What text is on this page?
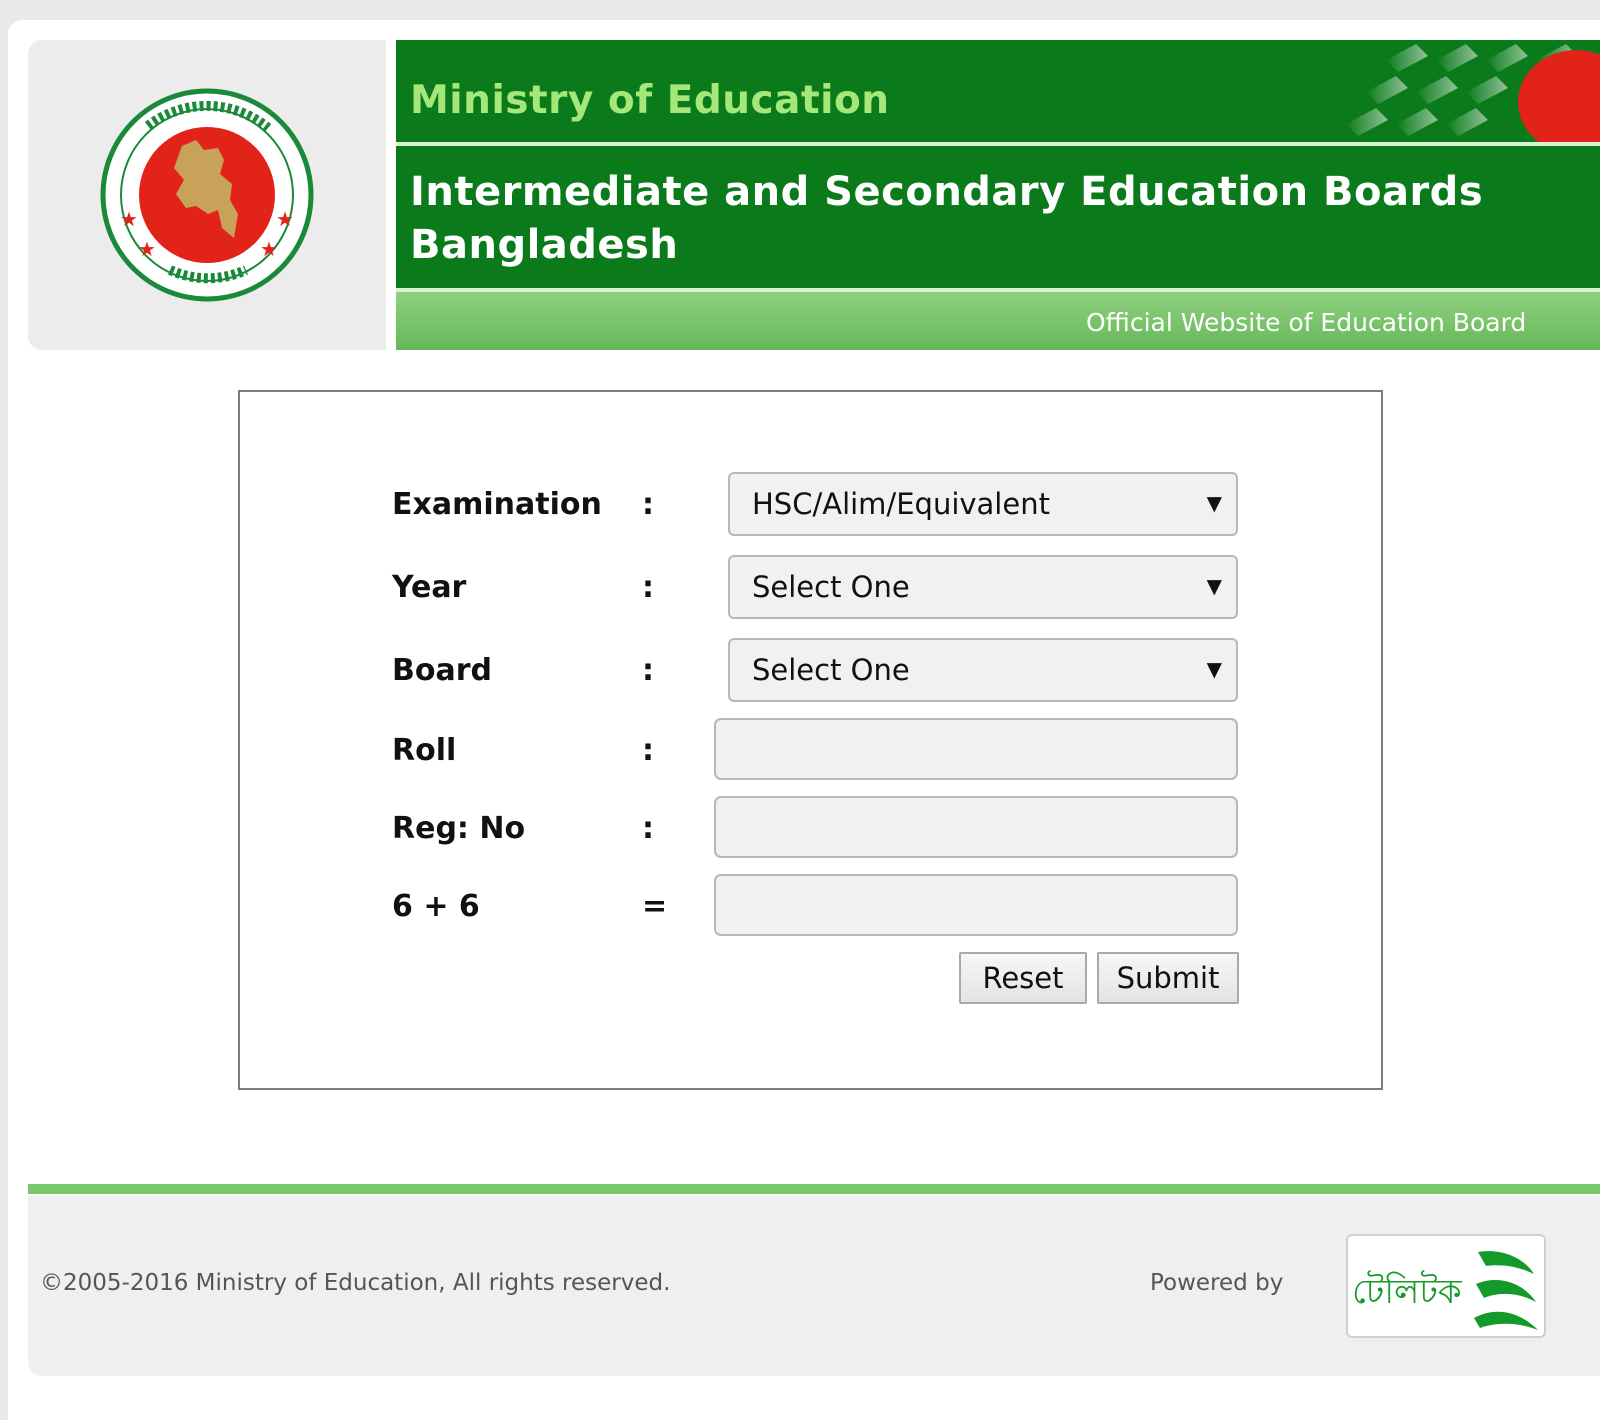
★
★	★
★
Ministry of Education
Intermediate and Secondary Education Boards Bangladesh
Official Website of Education Board
Examination :	HSC/Alim/Equivalent	▼
Year	:	Select One	▼
Board	:	Select One	▼
Roll	:
Reg: No	:
6 + 6	=
Reset	Submit
©2005-2016 Ministry of Education, All rights reserved.	Powered by টেলিটক
